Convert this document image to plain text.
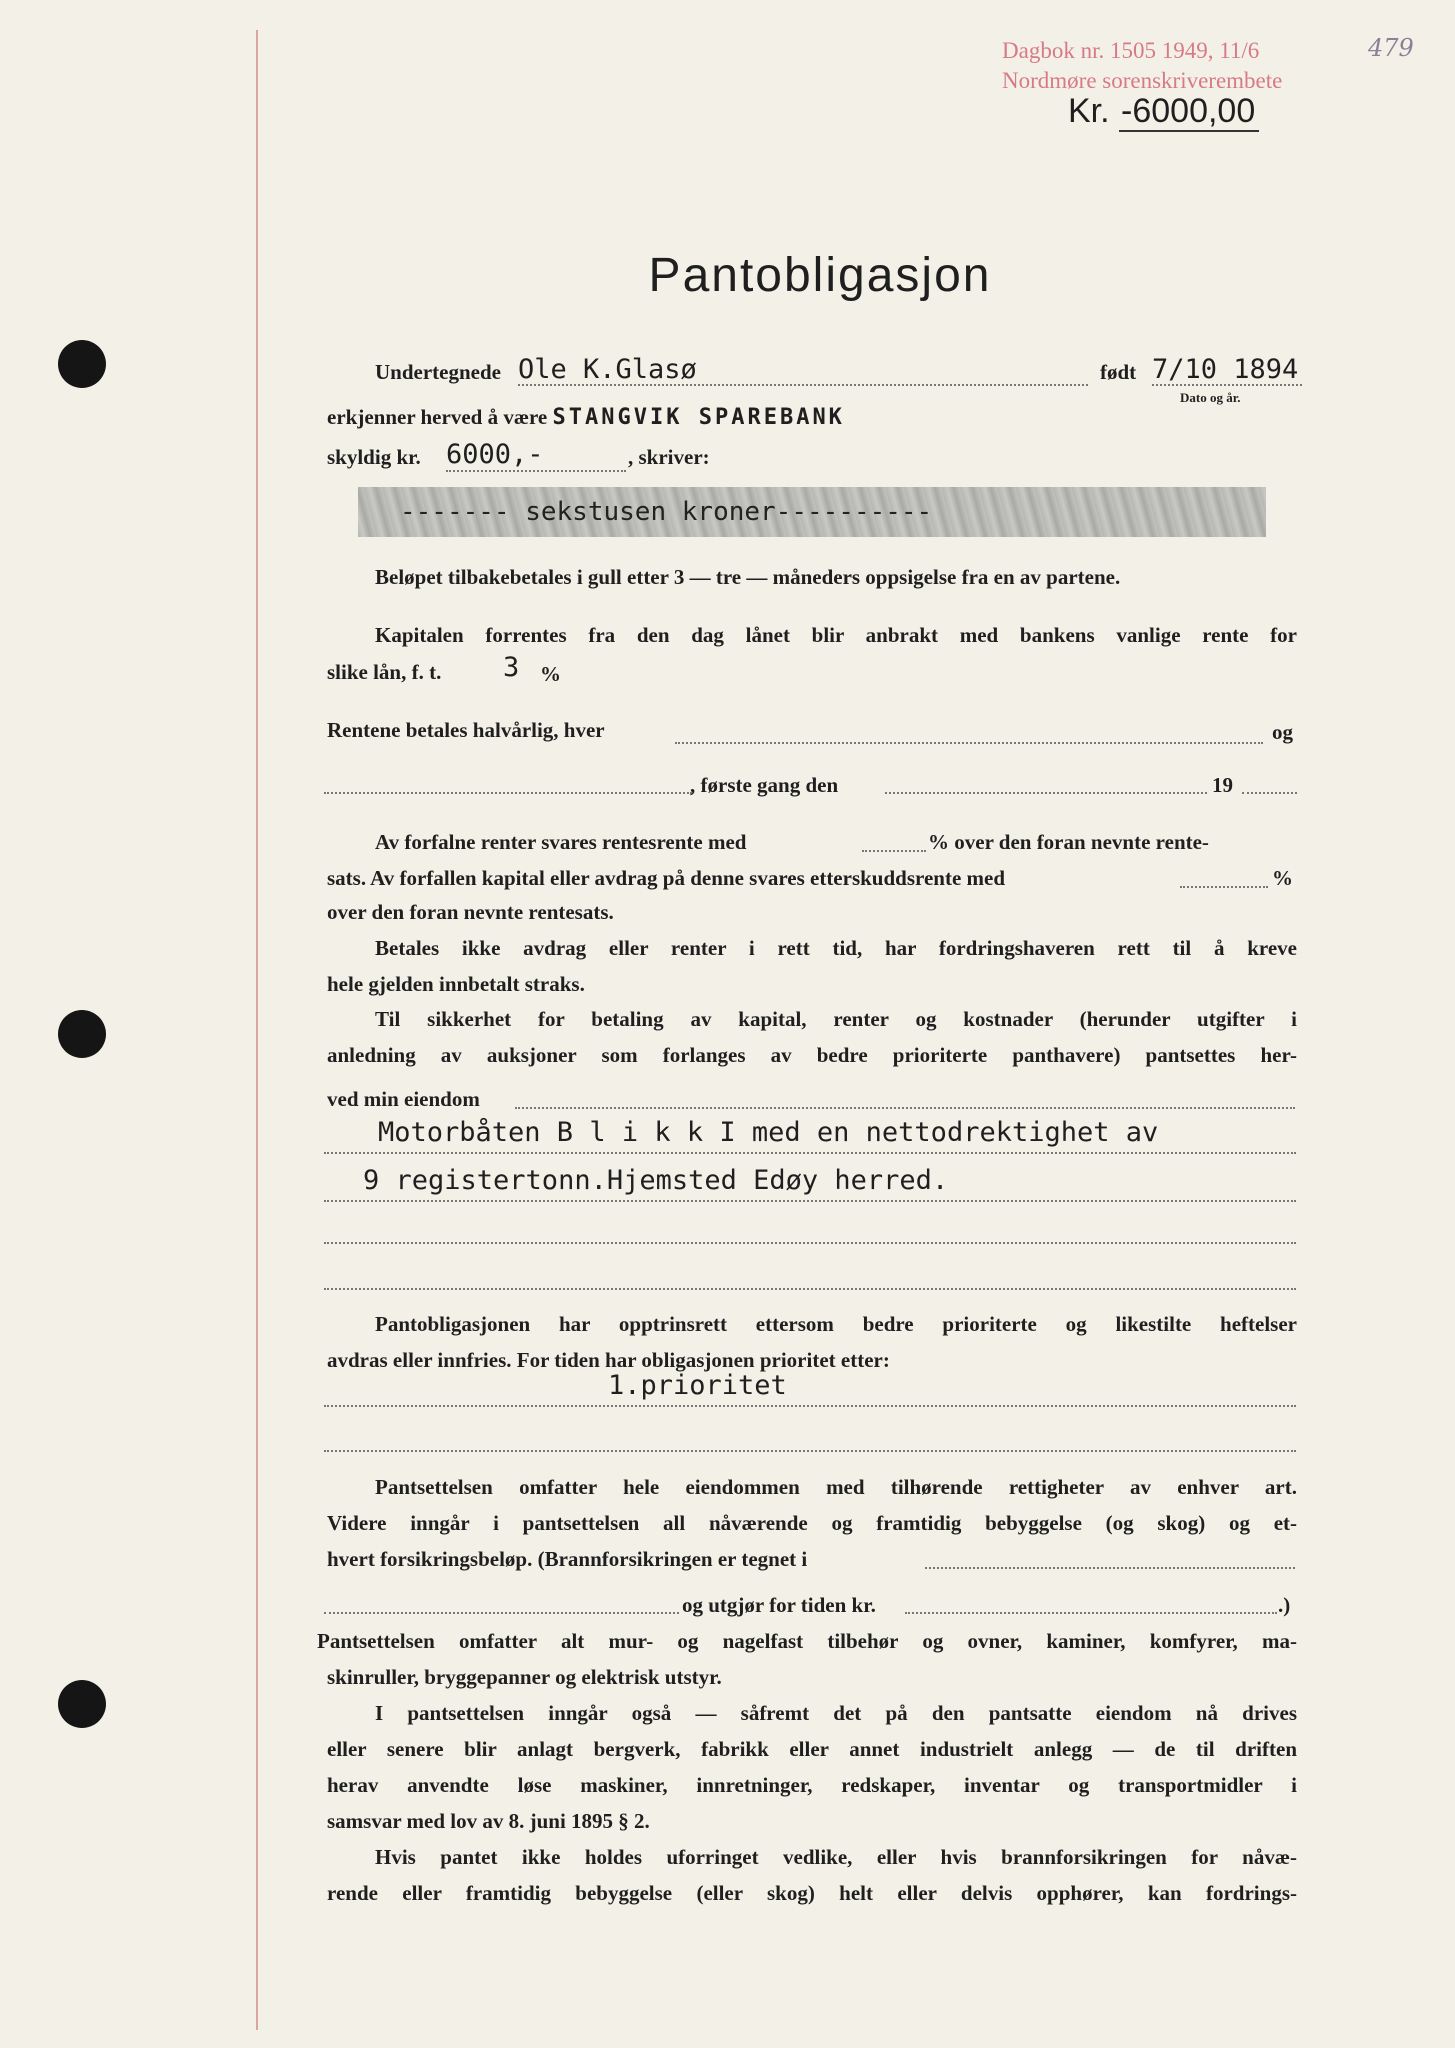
Dagbok nr. 1505 1949, 11/6
Nordmøre sorenskriverembete
479
Kr. -6000,00
Pantobligasjon
Undertegnede Ole K.Glasø	født 7/10 1894
Dato og år.
erkjenner herved å være STANGVIK SPAREBANK
skyldig kr. 6000,-	, skriver:
------- sekstusen kroner----------
Beløpet tilbakebetales i gull etter 3 — tre — måneders oppsigelse fra en av partene.
Kapitalen forrentes fra den dag lånet blir anbrakt med bankens vanlige rente for
slike lån, f. t. 3 %
Rentene betales halvårlig, hver	og
, første gang den	19
Av forfalne renter svares rentesrente med	% over den foran nevnte rente-
sats. Av forfallen kapital eller avdrag på denne svares etterskuddsrente med	%
over den foran nevnte rentesats.
Betales ikke avdrag eller renter i rett tid, har fordringshaveren rett til å kreve
hele gjelden innbetalt straks.
Til sikkerhet for betaling av kapital, renter og kostnader (herunder utgifter i
anledning av auksjoner som forlanges av bedre prioriterte panthavere) pantsettes her-
ved min eiendom
Motorbåten B l i k k I med en nettodrektighet av
9 registertonn.Hjemsted Edøy herred.
Pantobligasjonen har opptrinsrett ettersom bedre prioriterte og likestilte heftelser
avdras eller innfries. For tiden har obligasjonen prioritet etter:
1.prioritet
Pantsettelsen omfatter hele eiendommen med tilhørende rettigheter av enhver art.
Videre inngår i pantsettelsen all nåværende og framtidig bebyggelse (og skog) og et-
hvert forsikringsbeløp. (Brannforsikringen er tegnet i
og utgjør for tiden kr.	.)
Pantsettelsen omfatter alt mur- og nagelfast tilbehør og ovner, kaminer, komfyrer, ma-
skinruller, bryggepanner og elektrisk utstyr.
I pantsettelsen inngår også — såfremt det på den pantsatte eiendom nå drives
eller senere blir anlagt bergverk, fabrikk eller annet industrielt anlegg — de til driften
herav anvendte løse maskiner, innretninger, redskaper, inventar og transportmidler i
samsvar med lov av 8. juni 1895 § 2.
Hvis pantet ikke holdes uforringet vedlike, eller hvis brannforsikringen for nåvæ-
rende eller framtidig bebyggelse (eller skog) helt eller delvis opphører, kan fordrings-
